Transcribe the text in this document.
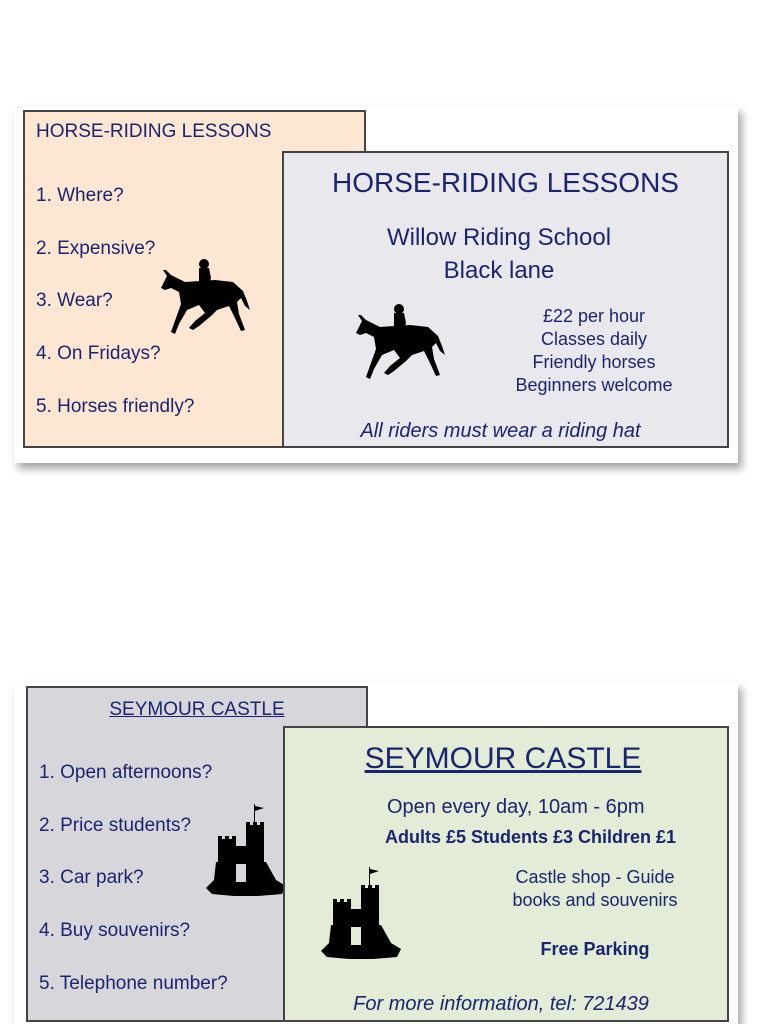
HORSE-RIDING LESSONS
1. Where?
2. Expensive?
3. Wear?
4. On Fridays?
5. Horses friendly?
HORSE-RIDING LESSONS
Willow Riding School
Black lane
£22 per hour
Classes daily
Friendly horses
Beginners welcome
All riders must wear a riding hat
SEYMOUR CASTLE
1. Open afternoons?
2. Price students?
3. Car park?
4. Buy souvenirs?
5. Telephone number?
SEYMOUR CASTLE
Open every day, 10am - 6pm
Adults £5 Students £3 Children £1
Castle shop - Guide
books and souvenirs
Free Parking
For more information, tel: 721439
